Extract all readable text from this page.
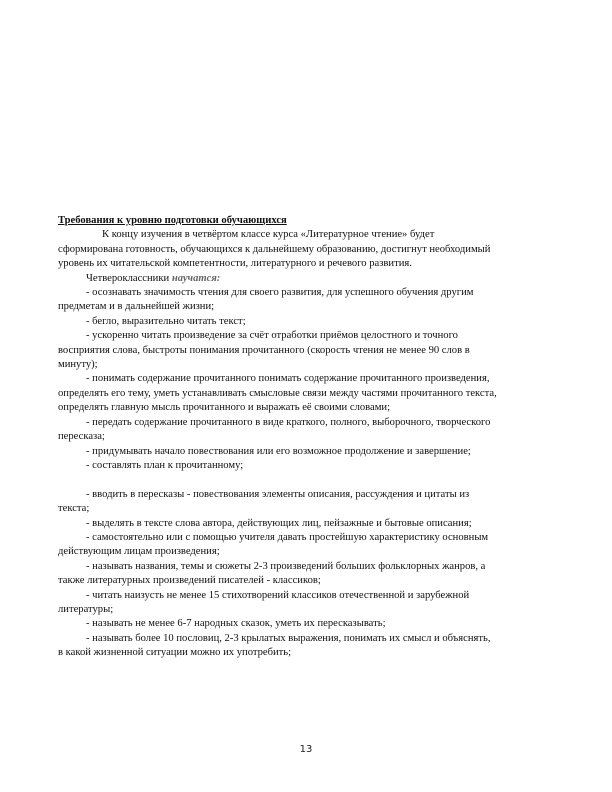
Требования к уровню подготовки обучающихся

К концу изучения в четвёртом классе курса «Литературное чтение» будет сформирована готовность, обучающихся к дальнейшему образованию, достигнут необходимый уровень их читательской компетентности, литературного и речевого развития.

Четвероклассники научатся:

- осознавать значимость чтения для своего развития, для успешного обучения другим предметам и в дальнейшей жизни;

- бегло, выразительно читать текст;

- ускоренно читать произведение за счёт отработки приёмов целостного и точного восприятия слова, быстроты понимания прочитанного (скорость чтения не менее 90 слов в минуту);

- понимать содержание прочитанного понимать содержание прочитанного произведения, определять его тему, уметь устанавливать смысловые связи между частями прочитанного текста, определять главную мысль прочитанного и выражать её своими словами;

- передать содержание прочитанного в виде краткого, полного, выборочного, творческого пересказа;

- придумывать начало повествования или его возможное продолжение и завершение;

- составлять план к прочитанному;

- вводить в пересказы - повествования элементы описания, рассуждения и цитаты из текста;

- выделять в тексте слова автора, действующих лиц, пейзажные и бытовые описания;

- самостоятельно или с помощью учителя давать простейшую характеристику основным действующим лицам произведения;

- называть названия, темы и сюжеты 2-3 произведений больших фольклорных жанров, а также литературных произведений писателей - классиков;

- читать наизусть не менее 15 стихотворений классиков отечественной и зарубежной литературы;

- называть не менее 6-7 народных сказок, уметь их пересказывать;

- называть более 10 пословиц, 2-3 крылатых выражения, понимать их смысл и объяснять, в какой жизненной ситуации можно их употребить;

13
